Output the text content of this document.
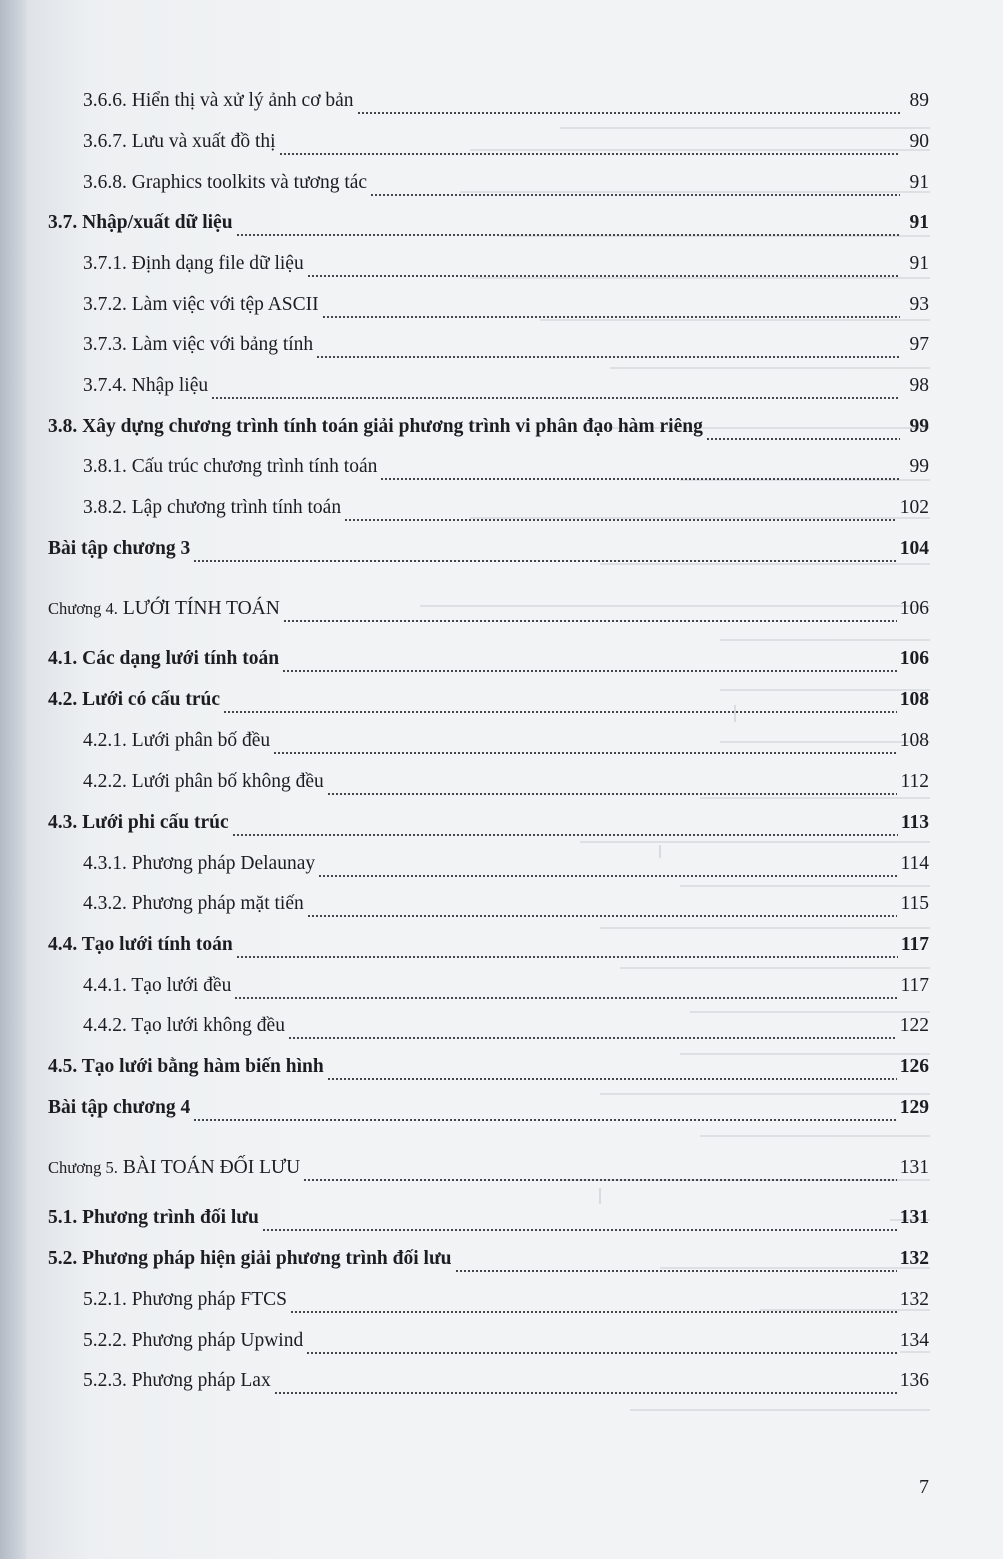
3.6.6. Hiển thị và xử lý ảnh cơ bản	89
3.6.7. Lưu và xuất đồ thị	90
3.6.8. Graphics toolkits và tương tác	91
3.7. Nhập/xuất dữ liệu	91
3.7.1. Định dạng file dữ liệu	91
3.7.2. Làm việc với tệp ASCII	93
3.7.3. Làm việc với bảng tính	97
3.7.4. Nhập liệu	98
3.8. Xây dựng chương trình tính toán giải phương trình vi phân đạo hàm riêng	99
3.8.1. Cấu trúc chương trình tính toán	99
3.8.2. Lập chương trình tính toán	102
Bài tập chương 3	104
Chương 4. LƯỚI TÍNH TOÁN	106
4.1. Các dạng lưới tính toán	106
4.2. Lưới có cấu trúc	108
4.2.1. Lưới phân bố đều	108
4.2.2. Lưới phân bố không đều	112
4.3. Lưới phi cấu trúc	113
4.3.1. Phương pháp Delaunay	114
4.3.2. Phương pháp mặt tiến	115
4.4. Tạo lưới tính toán	117
4.4.1. Tạo lưới đều	117
4.4.2. Tạo lưới không đều	122
4.5. Tạo lưới bằng hàm biến hình	126
Bài tập chương 4	129
Chương 5. BÀI TOÁN ĐỐI LƯU	131
5.1. Phương trình đối lưu	131
5.2. Phương pháp hiện giải phương trình đối lưu	132
5.2.1. Phương pháp FTCS	132
5.2.2. Phương pháp Upwind	134
5.2.3. Phương pháp Lax	136
7
